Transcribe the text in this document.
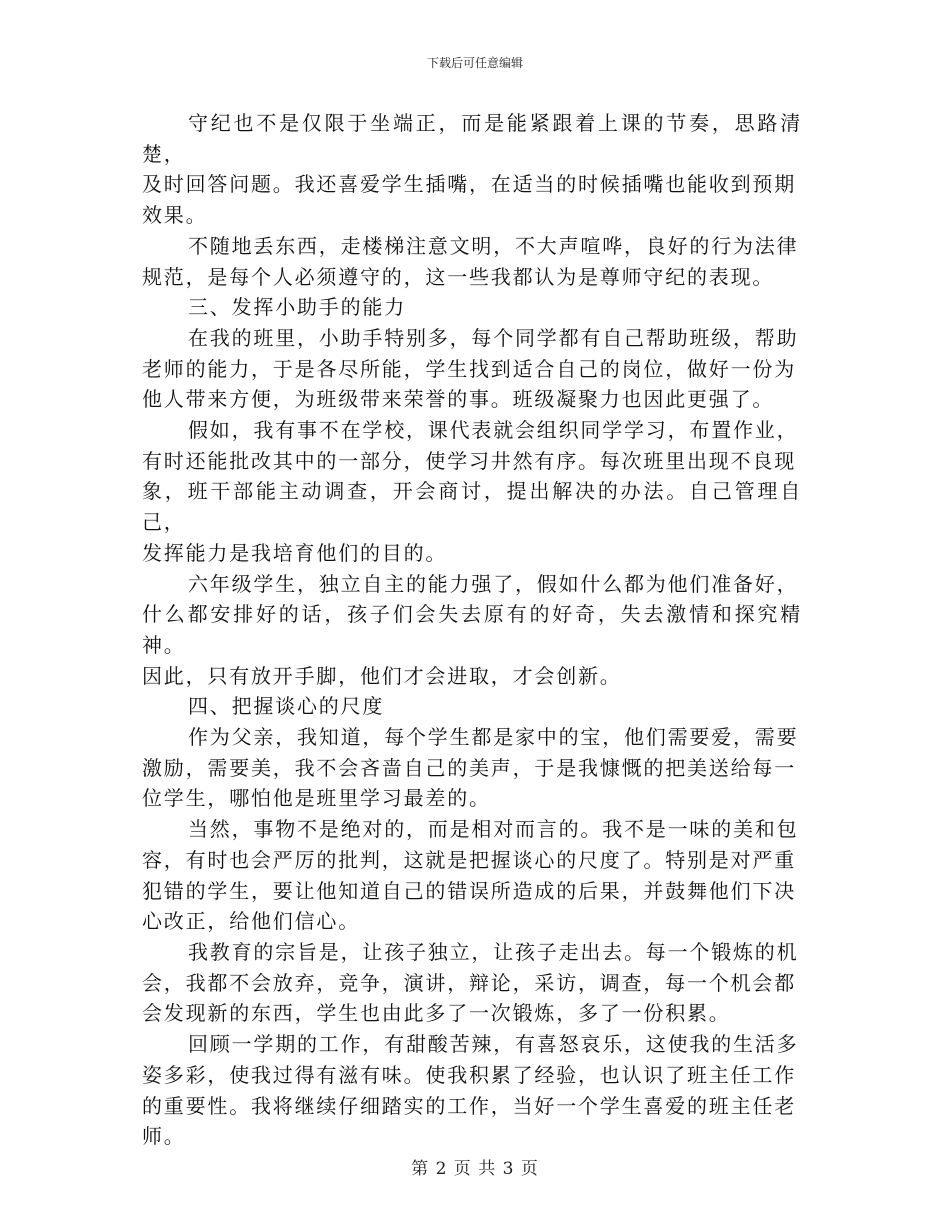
下载后可任意编辑

守纪也不是仅限于坐端正，而是能紧跟着上课的节奏，思路清楚，
及时回答问题。我还喜爱学生插嘴，在适当的时候插嘴也能收到预期
效果。

不随地丢东西，走楼梯注意文明，不大声喧哗，良好的行为法律
规范，是每个人必须遵守的，这一些我都认为是尊师守纪的表现。

三、发挥小助手的能力

在我的班里，小助手特别多，每个同学都有自己帮助班级，帮助
老师的能力，于是各尽所能，学生找到适合自己的岗位，做好一份为
他人带来方便，为班级带来荣誉的事。班级凝聚力也因此更强了。

假如，我有事不在学校，课代表就会组织同学学习，布置作业，
有时还能批改其中的一部分，使学习井然有序。每次班里出现不良现
象，班干部能主动调查，开会商讨，提出解决的办法。自己管理自己，
发挥能力是我培育他们的目的。

六年级学生，独立自主的能力强了，假如什么都为他们准备好，
什么都安排好的话，孩子们会失去原有的好奇，失去激情和探究精神。
因此，只有放开手脚，他们才会进取，才会创新。

四、把握谈心的尺度

作为父亲，我知道，每个学生都是家中的宝，他们需要爱，需要
激励，需要美，我不会吝啬自己的美声，于是我慷慨的把美送给每一
位学生，哪怕他是班里学习最差的。

当然，事物不是绝对的，而是相对而言的。我不是一味的美和包
容，有时也会严厉的批判，这就是把握谈心的尺度了。特别是对严重
犯错的学生，要让他知道自己的错误所造成的后果，并鼓舞他们下决
心改正，给他们信心。

我教育的宗旨是，让孩子独立，让孩子走出去。每一个锻炼的机
会，我都不会放弃，竞争，演讲，辩论，采访，调查，每一个机会都
会发现新的东西，学生也由此多了一次锻炼，多了一份积累。

回顾一学期的工作，有甜酸苦辣，有喜怒哀乐，这使我的生活多
姿多彩，使我过得有滋有味。使我积累了经验，也认识了班主任工作
的重要性。我将继续仔细踏实的工作，当好一个学生喜爱的班主任老
师。

第 2 页 共 3 页
